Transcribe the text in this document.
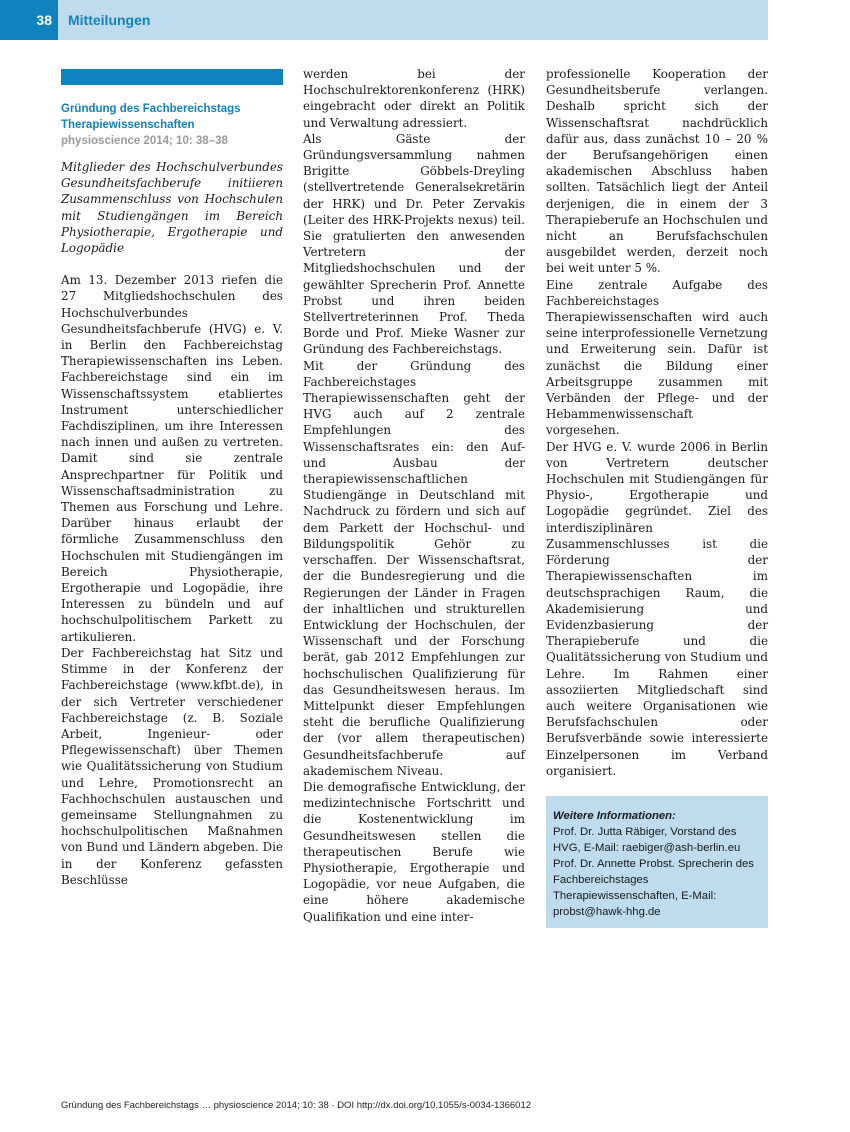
38	Mitteilungen
Gründung des Fachbereichstags Therapiewissenschaften
physioscience 2014; 10: 38–38

Mitglieder des Hochschulverbundes Gesundheitsfachberufe initiieren Zusammenschluss von Hochschulen mit Studiengängen im Bereich Physiotherapie, Ergotherapie und Logopädie

Am 13. Dezember 2013 riefen die 27 Mitgliedshochschulen des Hochschulverbundes Gesundheitsfachberufe (HVG) e. V. in Berlin den Fachbereichstag Therapiewissenschaften ins Leben. Fachbereichstage sind ein im Wissenschaftssystem etabliertes Instrument unterschiedlicher Fachdisziplinen, um ihre Interessen nach innen und außen zu vertreten. Damit sind sie zentrale Ansprechpartner für Politik und Wissenschaftsadministration zu Themen aus Forschung und Lehre. Darüber hinaus erlaubt der förmliche Zusammenschluss den Hochschulen mit Studiengängen im Bereich Physiotherapie, Ergotherapie und Logopädie, ihre Interessen zu bündeln und auf hochschulpolitischem Parkett zu artikulieren.

Der Fachbereichstag hat Sitz und Stimme in der Konferenz der Fachbereichstage (www.kfbt.de), in der sich Vertreter verschiedener Fachbereichstage (z. B. Soziale Arbeit, Ingenieur- oder Pflegewissenschaft) über Themen wie Qualitätssicherung von Studium und Lehre, Promotionsrecht an Fachhochschulen austauschen und gemeinsame Stellungnahmen zu hochschulpolitischen Maßnahmen von Bund und Ländern abgeben. Die in der Konferenz gefassten Beschlüsse

werden bei der Hochschulrektorenkonferenz (HRK) eingebracht oder direkt an Politik und Verwaltung adressiert.

Als Gäste der Gründungsversammlung nahmen Brigitte Göbbels-Dreyling (stellvertretende Generalsekretärin der HRK) und Dr. Peter Zervakis (Leiter des HRK-Projekts nexus) teil. Sie gratulierten den anwesenden Vertretern der Mitgliedshochschulen und der gewählter Sprecherin Prof. Annette Probst und ihren beiden Stellvertreterinnen Prof. Theda Borde und Prof. Mieke Wasner zur Gründung des Fachbereichstags.

Mit der Gründung des Fachbereichstages Therapiewissenschaften geht der HVG auch auf 2 zentrale Empfehlungen des Wissenschaftsrates ein: den Auf- und Ausbau der therapiewissenschaftlichen Studiengänge in Deutschland mit Nachdruck zu fördern und sich auf dem Parkett der Hochschul- und Bildungspolitik Gehör zu verschaffen. Der Wissenschaftsrat, der die Bundesregierung und die Regierungen der Länder in Fragen der inhaltlichen und strukturellen Entwicklung der Hochschulen, der Wissenschaft und der Forschung berät, gab 2012 Empfehlungen zur hochschulischen Qualifizierung für das Gesundheitswesen heraus. Im Mittelpunkt dieser Empfehlungen steht die berufliche Qualifizierung der (vor allem therapeutischen) Gesundheitsfachberufe auf akademischem Niveau.

Die demografische Entwicklung, der medizintechnische Fortschritt und die Kostenentwicklung im Gesundheitswesen stellen die therapeutischen Berufe wie Physiotherapie, Ergotherapie und Logopädie, vor neue Aufgaben, die eine höhere akademische Qualifikation und eine inter-

professionelle Kooperation der Gesundheitsberufe verlangen. Deshalb spricht sich der Wissenschaftsrat nachdrücklich dafür aus, dass zunächst 10 – 20 % der Berufsangehörigen einen akademischen Abschluss haben sollten. Tatsächlich liegt der Anteil derjenigen, die in einem der 3 Therapieberufe an Hochschulen und nicht an Berufsfachschulen ausgebildet werden, derzeit noch bei weit unter 5 %.

Eine zentrale Aufgabe des Fachbereichstages Therapiewissenschaften wird auch seine interprofessionelle Vernetzung und Erweiterung sein. Dafür ist zunächst die Bildung einer Arbeitsgruppe zusammen mit Verbänden der Pflege- und der Hebammenwissenschaft vorgesehen.

Der HVG e. V. wurde 2006 in Berlin von Vertretern deutscher Hochschulen mit Studiengängen für Physio-, Ergotherapie und Logopädie gegründet. Ziel des interdisziplinären Zusammenschlusses ist die Förderung der Therapiewissenschaften im deutschsprachigen Raum, die Akademisierung und Evidenzbasierung der Therapieberufe und die Qualitätssicherung von Studium und Lehre. Im Rahmen einer assoziierten Mitgliedschaft sind auch weitere Organisationen wie Berufsfachschulen oder Berufsverbände sowie interessierte Einzelpersonen im Verband organisiert.

Weitere Informationen:

Prof. Dr. Jutta Räbiger, Vorstand des HVG, E-Mail: raebiger@ash-berlin.eu

Prof. Dr. Annette Probst. Sprecherin des Fachbereichstages Therapiewissenschaften, E-Mail: probst@hawk-hhg.de

Gründung des Fachbereichstags … physioscience 2014; 10: 38 · DOI http://dx.doi.org/10.1055/s-0034-1366012
